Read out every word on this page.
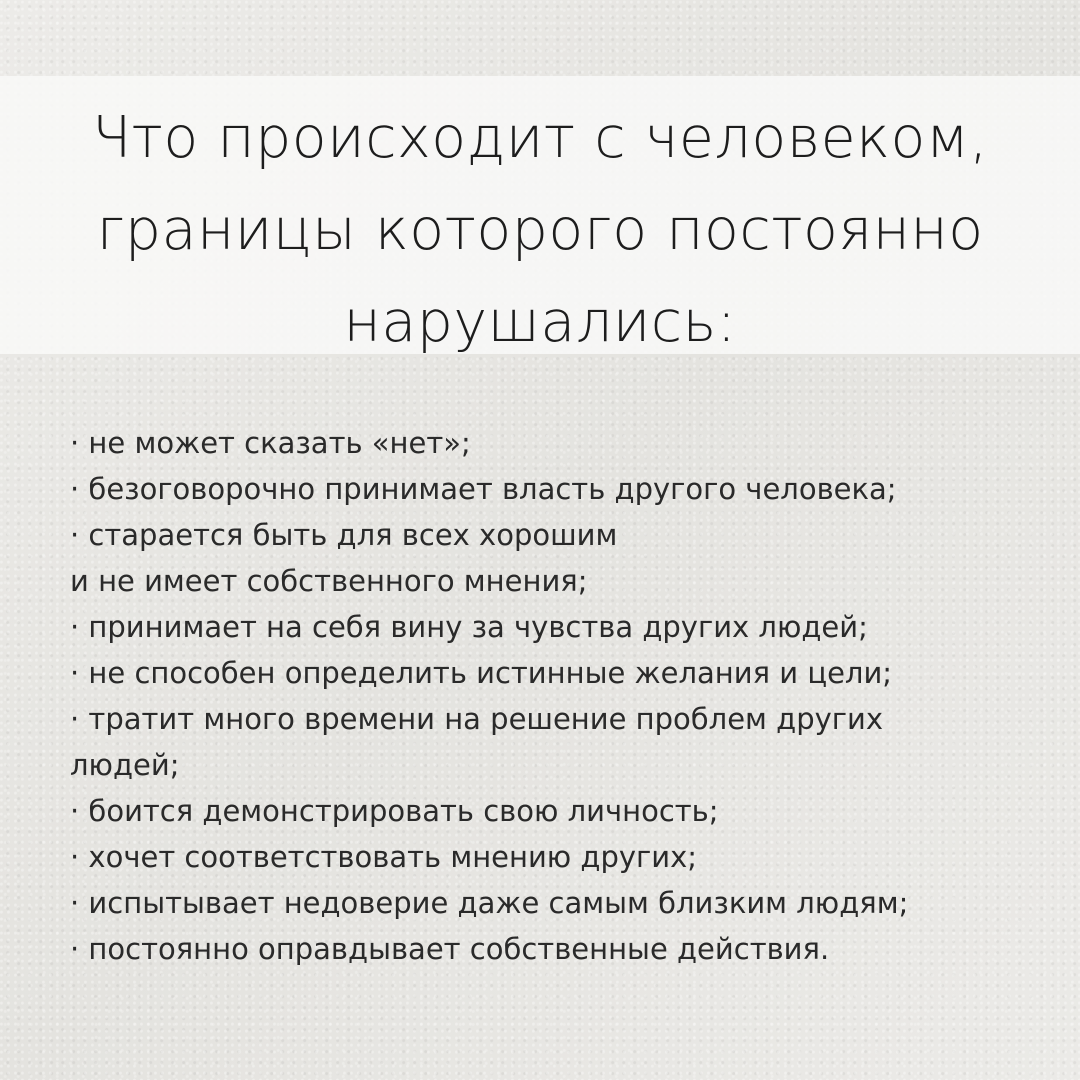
Что происходит с человеком,
границы которого постоянно
нарушались:
· не может сказать «нет»;
· безоговорочно принимает власть другого человека;
· старается быть для всех хорошим
и не имеет собственного мнения;
· принимает на себя вину за чувства других людей;
· не способен определить истинные желания и цели;
· тратит много времени на решение проблем других
людей;
· боится демонстрировать свою личность;
· хочет соответствовать мнению других;
· испытывает недоверие даже самым близким людям;
· постоянно оправдывает собственные действия.
